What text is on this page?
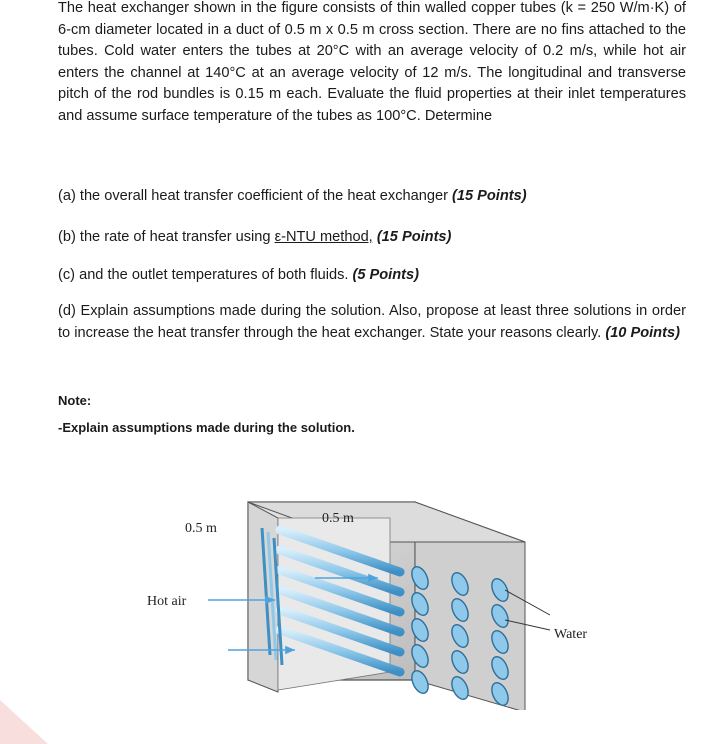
The heat exchanger shown in the figure consists of thin walled copper tubes (k = 250 W/m·K) of 6-cm diameter located in a duct of 0.5 m x 0.5 m cross section. There are no fins attached to the tubes. Cold water enters the tubes at 20°C with an average velocity of 0.2 m/s, while hot air enters the channel at 140°C at an average velocity of 12 m/s. The longitudinal and transverse pitch of the rod bundles is 0.15 m each. Evaluate the fluid properties at their inlet temperatures and assume surface temperature of the tubes as 100°C. Determine
(a) the overall heat transfer coefficient of the heat exchanger (15 Points)
(b) the rate of heat transfer using ε-NTU method, (15 Points)
(c) and the outlet temperatures of both fluids. (5 Points)
(d) Explain assumptions made during the solution. Also, propose at least three solutions in order to increase the heat transfer through the heat exchanger. State your reasons clearly. (10 Points)
Note:
-Explain assumptions made during the solution.
0.5 m
0.5 m
Hot air
Water
